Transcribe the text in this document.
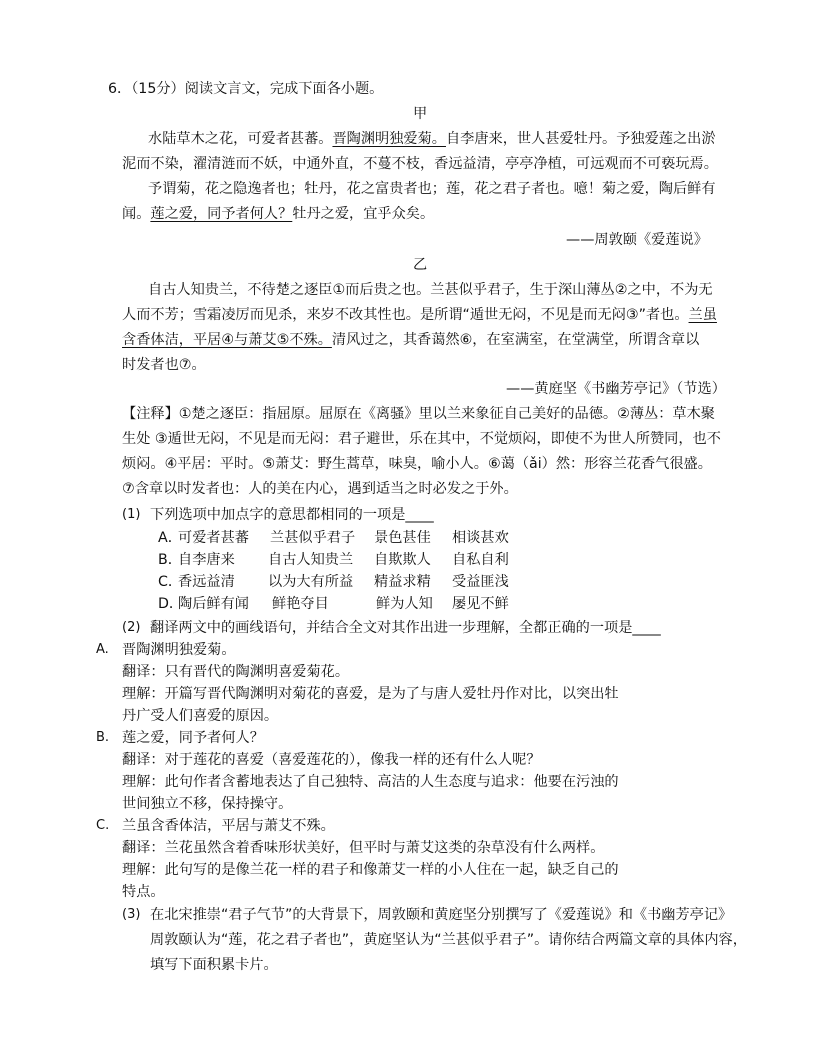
6．（15分）阅读文言文，完成下面各小题。
甲
水陆草木之花，可爱者甚蕃。晋陶渊明独爱菊。自李唐来，世人甚爱牡丹。予独爱莲之出淤
泥而不染，濯清涟而不妖，中通外直，不蔓不枝，香远益清，亭亭净植，可远观而不可亵玩焉。
予谓菊，花之隐逸者也；牡丹，花之富贵者也；莲，花之君子者也。噫！菊之爱，陶后鲜有
闻。莲之爱，同予者何人？牡丹之爱，宜乎众矣。
——周敦颐《爱莲说》
乙
自古人知贵兰，不待楚之逐臣①而后贵之也。兰甚似乎君子，生于深山薄丛②之中，不为无
人而不芳；雪霜凌厉而见杀，来岁不改其性也。是所谓“遁世无闷，不见是而无闷③”者也。兰虽
含香体洁，平居④与萧艾⑤不殊。清风过之，其香蔼然⑥，在室满室，在堂满堂，所谓含章以
时发者也⑦。
——黄庭坚《书幽芳亭记》（节选）
【注释】①楚之逐臣：指屈原。屈原在《离骚》里以兰来象征自己美好的品德。②薄丛：草木聚
生处 ③遁世无闷，不见是而无闷：君子避世，乐在其中，不觉烦闷，即使不为世人所赞同，也不
烦闷。④平居：平时。⑤萧艾：野生蒿草，味臭，喻小人。⑥蔼（ǎi）然：形容兰花香气很盛。
⑦含章以时发者也：人的美在内心，遇到适当之时必发之于外。
(1) 下列选项中加点字的意思都相同的一项是____
A．
可爱者甚蕃 兰甚似乎君子 景色甚佳 相谈甚欢
B．
自李唐来 自古人知贵兰 自欺欺人 自私自利
C．
香远益清 以为大有所益 精益求精 受益匪浅
D．
陶后鲜有闻 鲜艳夺目	鲜为人知 屡见不鲜
(2) 翻译两文中的画线语句，并结合全文对其作出进一步理解，全都正确的一项是____
A. 晋陶渊明独爱菊。
翻译：只有晋代的陶渊明喜爱菊花。
理解：开篇写晋代陶渊明对菊花的喜爱，是为了与唐人爱牡丹作对比，以突出牡
丹广受人们喜爱的原因。
B. 莲之爱，同予者何人？
翻译：对于莲花的喜爱（喜爱莲花的），像我一样的还有什么人呢？
理解：此句作者含蓄地表达了自己独特、高洁的人生态度与追求：他要在污浊的
世间独立不移，保持操守。
C. 兰虽含香体洁，平居与萧艾不殊。
翻译：兰花虽然含着香味形状美好，但平时与萧艾这类的杂草没有什么两样。
理解：此句写的是像兰花一样的君子和像萧艾一样的小人住在一起，缺乏自己的
特点。
(3) 在北宋推崇“君子气节”的大背景下，周敦颐和黄庭坚分别撰写了《爱莲说》和《书幽芳亭记》
周敦颐认为“莲，花之君子者也”，黄庭坚认为“兰甚似乎君子”。请你结合两篇文章的具体内容，
填写下面积累卡片。
